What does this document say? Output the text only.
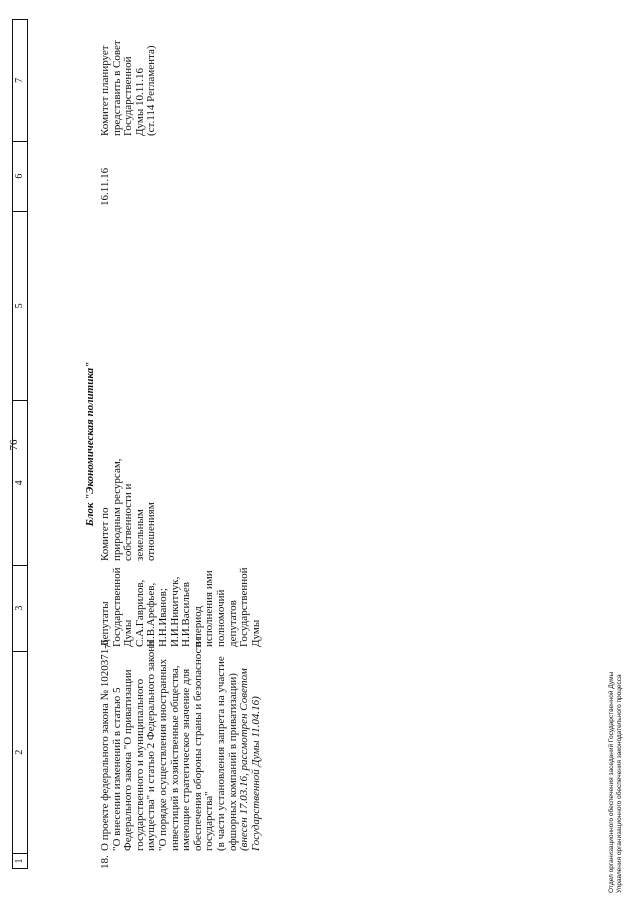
76
1
2
3
4
5
6
7
Блок "Экономическая политика"
18.
О проекте федерального закона № 1020371-6 "О внесении изменений в статью 5 Федерального закона "О приватизации государственного и муниципального имущества" и статью 2 Федерального закона "О порядке осуществления иностранных инвестиций в хозяйственные общества, имеющие стратегическое значение для обеспечения обороны страны и безопасности государства" (в части установления запрета на участие офшорных компаний в приватизации) (внесен 17.03.16, рассмотрен Советом Государственной Думы 11.04.16)
Депутаты Государственной Думы С.А.Гаврилов, Н.В.Арефьев, Н.Н.Иванов; И.И.Никитчук, Н.И.Васильев в период исполнения ими полномочий депутатов Государственной Думы
Комитет по природным ресурсам, собственности и земельным отношениям
16.11.16
Комитет планирует представить в Совет Государственной Думы 10.11.16 (ст.114 Регламента)
Отдел организационного обеспечения заседаний Государственной Думы Управления организационного обеспечения законодательного процесса
